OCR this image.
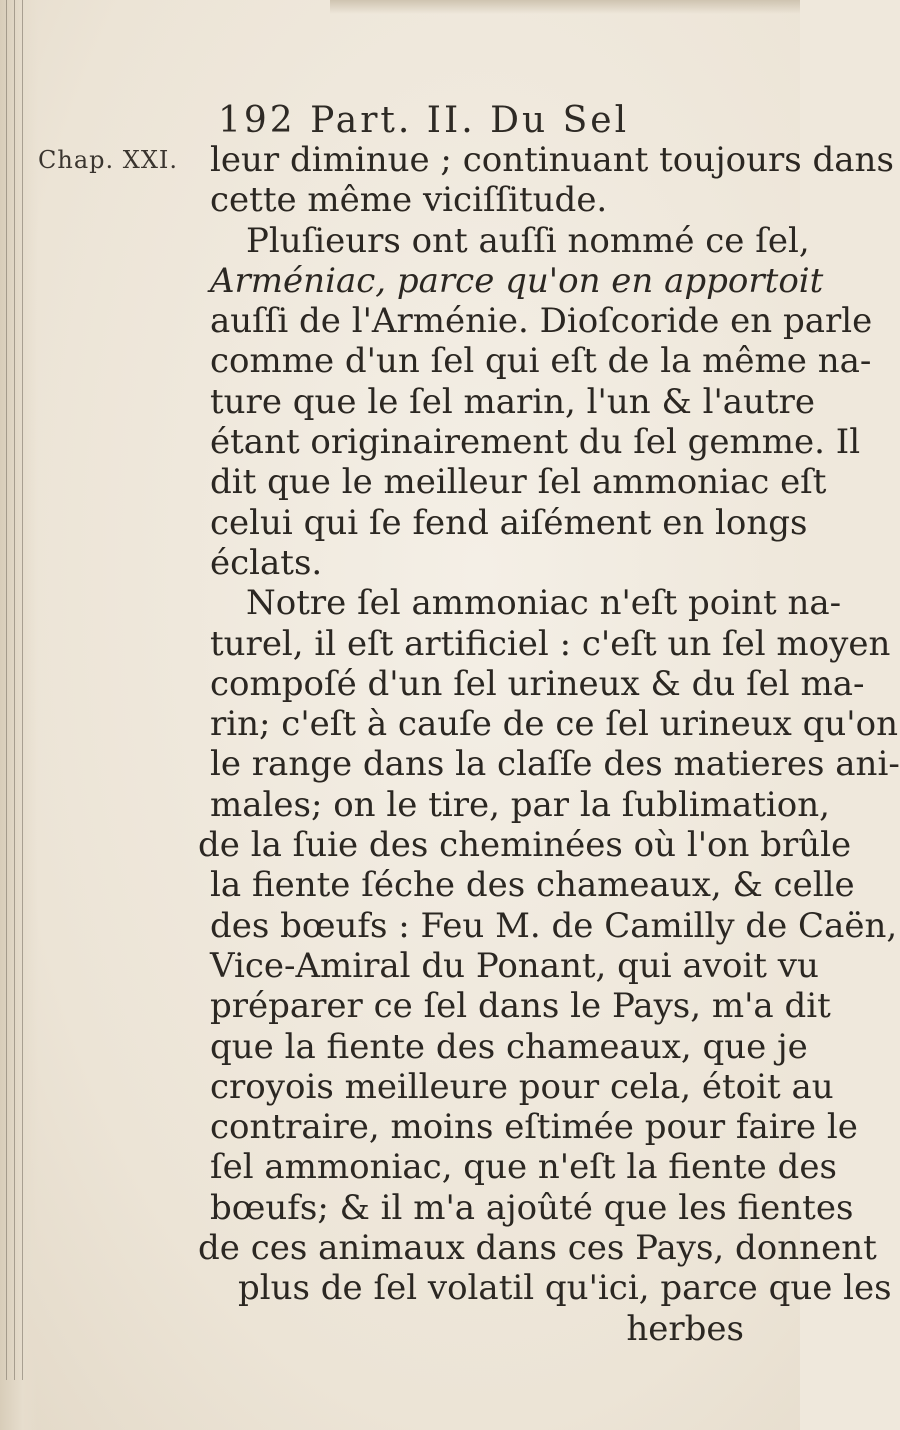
192 Part. II. Du Sel
Chap. XXI. leur diminue ; continuant toujours dans
cette même viciſſitude.
Pluſieurs ont auſſi nommé ce ſel,
Arméniac, parce qu'on en apportoit
auſſi de l'Arménie. Dioſcoride en parle
comme d'un ſel qui eſt de la même na-
ture que le ſel marin, l'un & l'autre
étant originairement du ſel gemme. Il
dit que le meilleur ſel ammoniac eſt
celui qui ſe fend aiſément en longs
éclats.
Notre ſel ammoniac n'eſt point na-
turel, il eſt artificiel : c'eſt un ſel moyen
compoſé d'un ſel urineux & du ſel ma-
rin; c'eſt à cauſe de ce ſel urineux qu'on
le range dans la claſſe des matieres ani-
males; on le tire, par la ſublimation,
de la ſuie des cheminées où l'on brûle
la fiente ſéche des chameaux, & celle
des bœufs : Feu M. de Camilly de Caën,
Vice-Amiral du Ponant, qui avoit vu
préparer ce ſel dans le Pays, m'a dit
que la fiente des chameaux, que je
croyois meilleure pour cela, étoit au
contraire, moins eſtimée pour faire le
ſel ammoniac, que n'eſt la fiente des
bœufs; & il m'a ajoûté que les fientes
de ces animaux dans ces Pays, donnent
plus de ſel volatil qu'ici, parce que les
herbes
